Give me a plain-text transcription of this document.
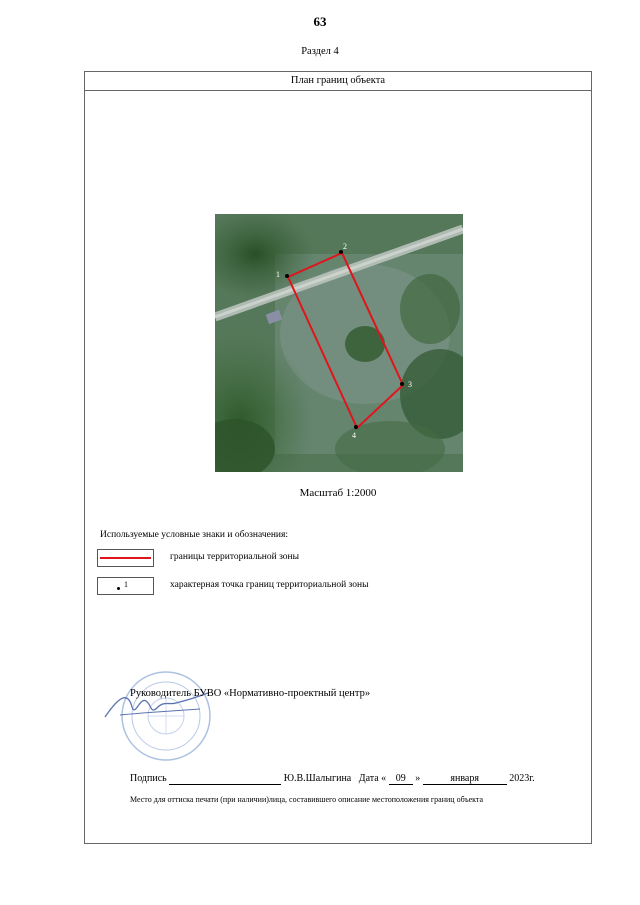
63
Раздел 4
План границ объекта
Масштаб 1:2000
Используемые условные знаки и обозначения:
границы территориальной зоны
1	характерная точка границ территориальной зоны
1
2
3
4
Руководитель БУВО «Нормативно-проектный центр»
Подпись	Ю.В.Шалыгина Дата « 09 »	января	2023г.
Место для оттиска печати (при наличии)лица, составившего описание местоположения границ объекта
